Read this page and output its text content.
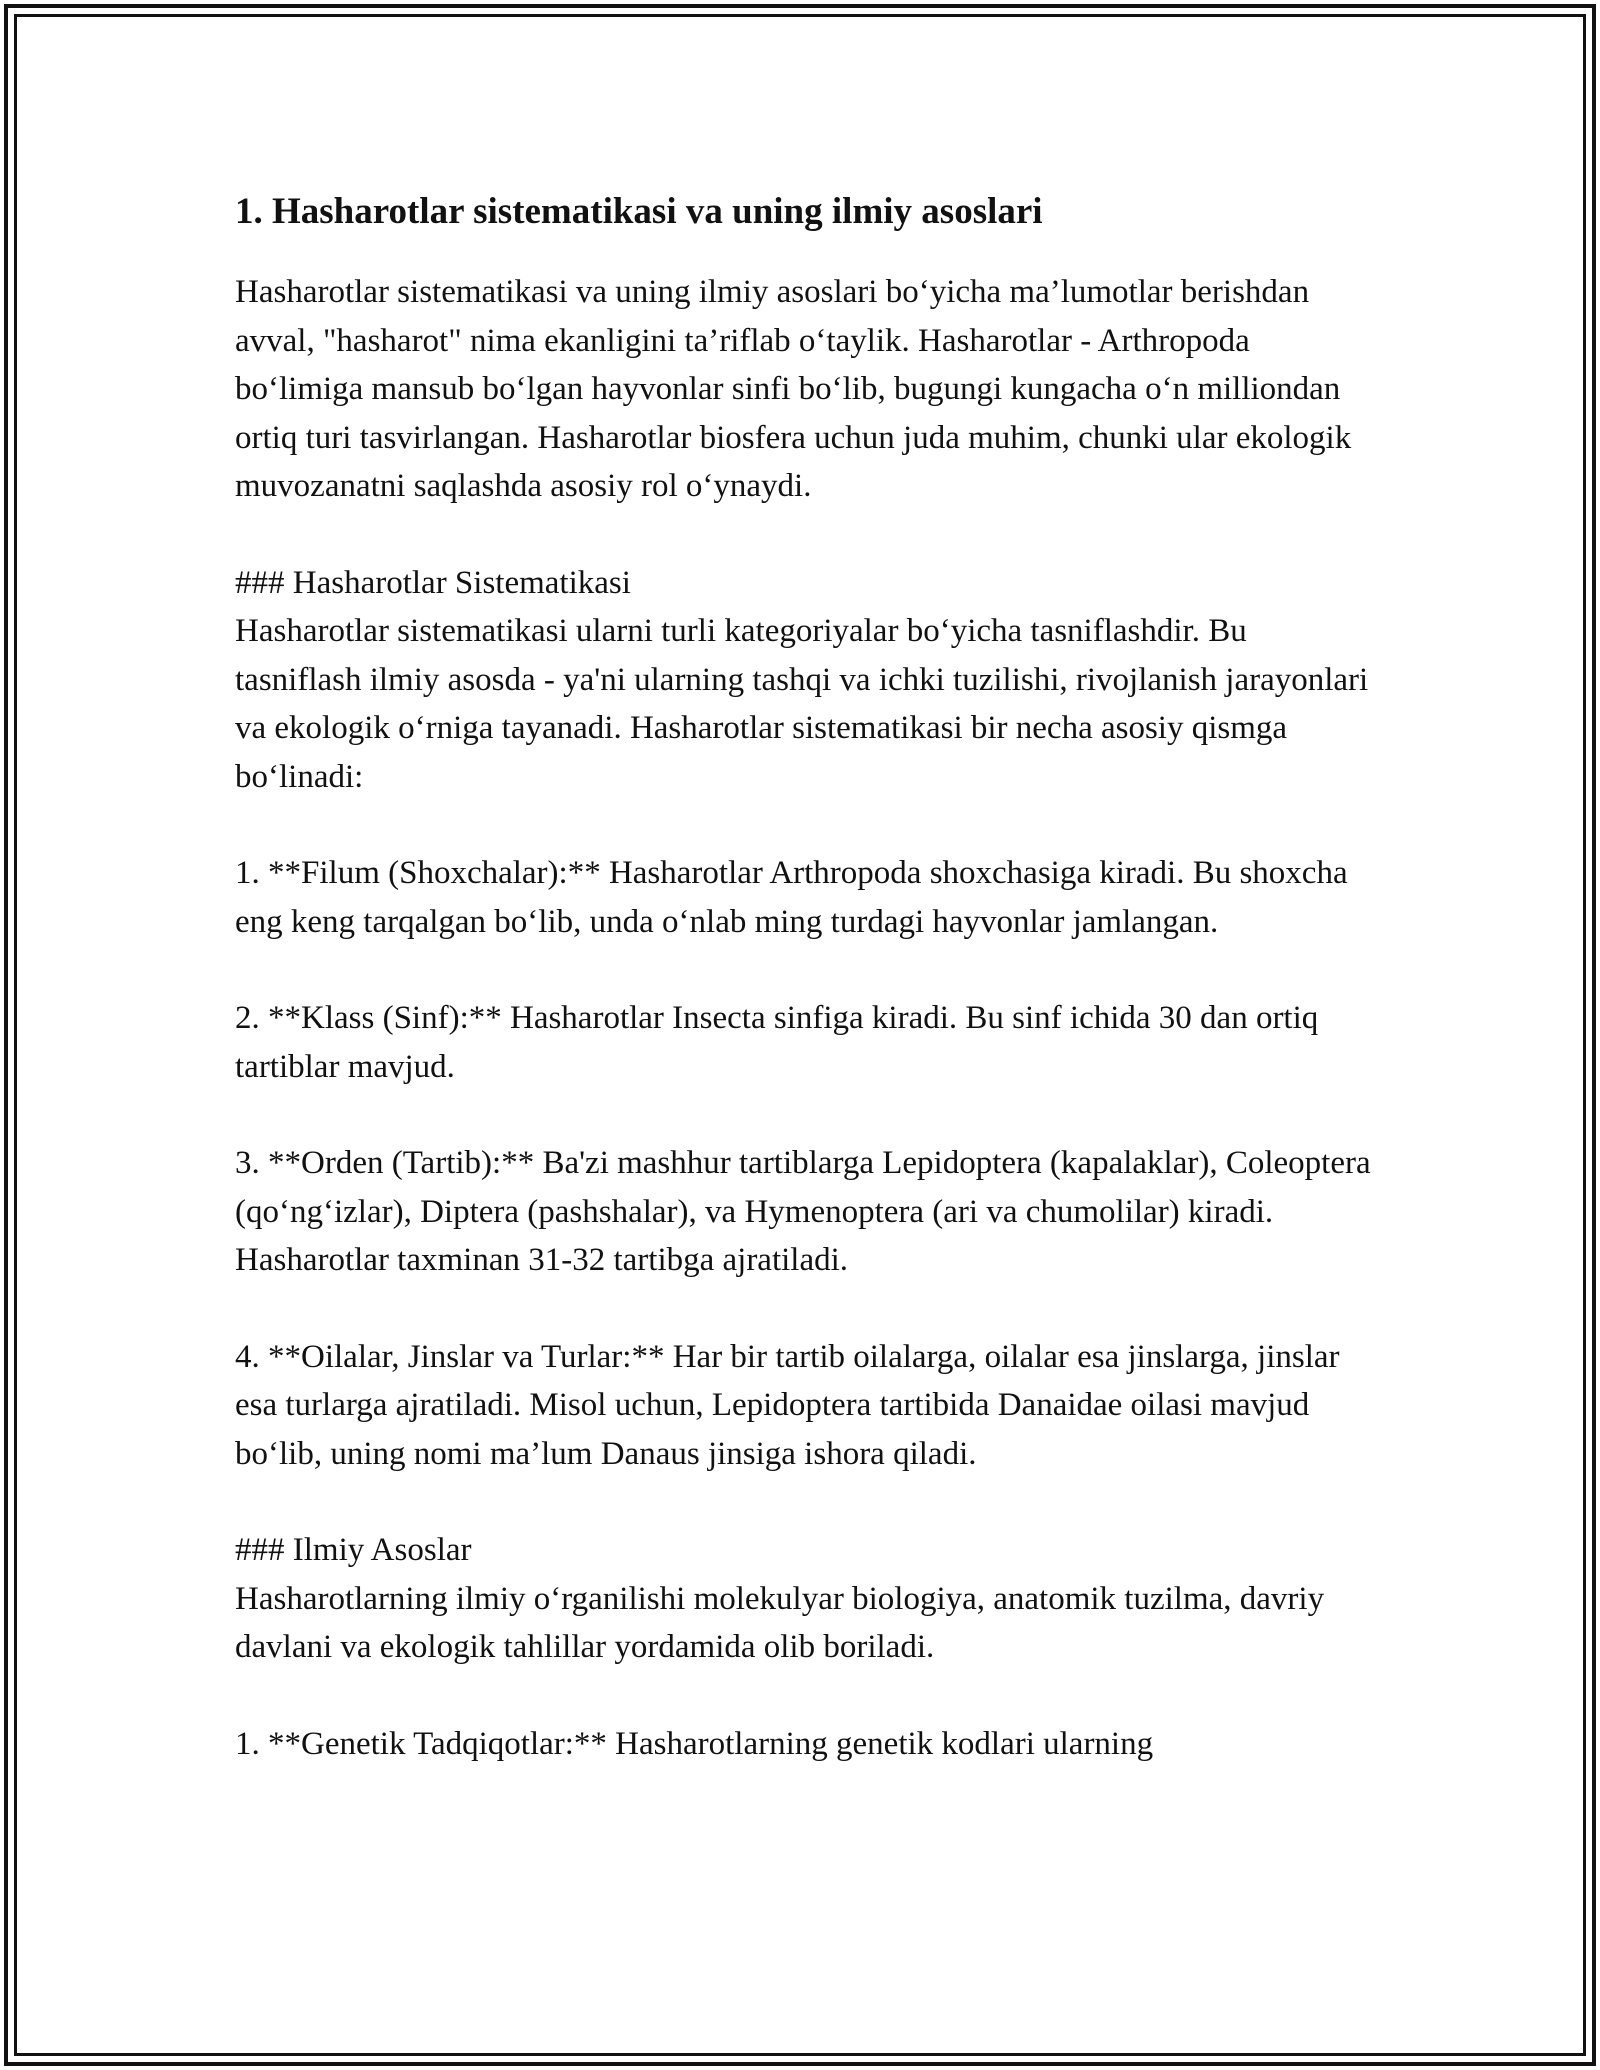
1. Hasharotlar sistematikasi va uning ilmiy asoslari

Hasharotlar sistematikasi va uning ilmiy asoslari bo‘yicha ma’lumotlar berishdan avval, "hasharot" nima ekanligini ta’riflab o‘taylik. Hasharotlar - Arthropoda bo‘limiga mansub bo‘lgan hayvonlar sinfi bo‘lib, bugungi kungacha o‘n milliondan ortiq turi tasvirlangan. Hasharotlar biosfera uchun juda muhim, chunki ular ekologik muvozanatni saqlashda asosiy rol o‘ynaydi.

### Hasharotlar Sistematikasi
Hasharotlar sistematikasi ularni turli kategoriyalar bo‘yicha tasniflashdir. Bu tasniflash ilmiy asosda - ya'ni ularning tashqi va ichki tuzilishi, rivojlanish jarayonlari va ekologik o‘rniga tayanadi. Hasharotlar sistematikasi bir necha asosiy qismga bo‘linadi:

1. **Filum (Shoxchalar):** Hasharotlar Arthropoda shoxchasiga kiradi. Bu shoxcha eng keng tarqalgan bo‘lib, unda o‘nlab ming turdagi hayvonlar jamlangan.

2. **Klass (Sinf):** Hasharotlar Insecta sinfiga kiradi. Bu sinf ichida 30 dan ortiq tartiblar mavjud.

3. **Orden (Tartib):** Ba'zi mashhur tartiblarga Lepidoptera (kapalaklar), Coleoptera (qo‘ng‘izlar), Diptera (pashshalar), va Hymenoptera (ari va chumolilar) kiradi. Hasharotlar taxminan 31-32 tartibga ajratiladi.

4. **Oilalar, Jinslar va Turlar:** Har bir tartib oilalarga, oilalar esa jinslarga, jinslar esa turlarga ajratiladi. Misol uchun, Lepidoptera tartibida Danaidae oilasi mavjud bo‘lib, uning nomi ma’lum Danaus jinsiga ishora qiladi.

### Ilmiy Asoslar
Hasharotlarning ilmiy o‘rganilishi molekulyar biologiya, anatomik tuzilma, davriy davlani va ekologik tahlillar yordamida olib boriladi.

1. **Genetik Tadqiqotlar:** Hasharotlarning genetik kodlari ularning
